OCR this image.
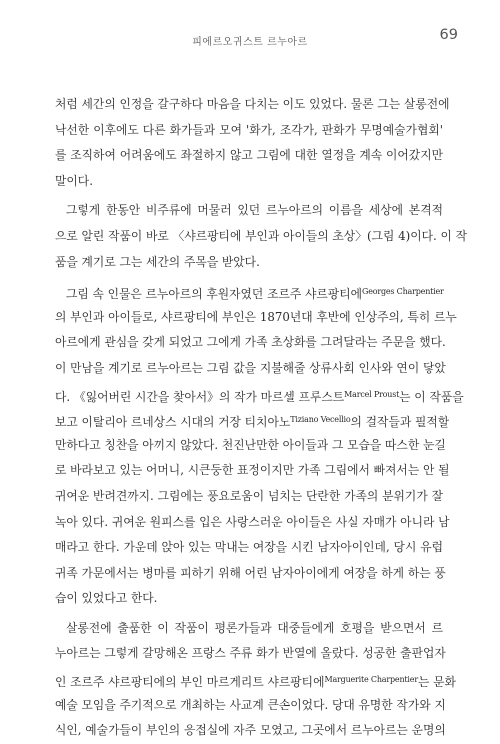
피에르오귀스트 르누아르	69
처럼 세간의 인정을 갈구하다 마음을 다치는 이도 있었다. 물론 그는 살롱전에
낙선한 이후에도 다른 화가들과 모여 '화가, 조각가, 판화가 무명예술가협회'
를 조직하여 어려움에도 좌절하지 않고 그림에 대한 열정을 계속 이어갔지만
말이다.
그렇게 한동안 비주류에 머물러 있던 르누아르의 이름을 세상에 본격적
으로 알린 작품이 바로 〈샤르팡티에 부인과 아이들의 초상〉(그림 4)이다. 이 작
품을 계기로 그는 세간의 주목을 받았다.
그림 속 인물은 르누아르의 후원자였던 조르주 샤르팡티에$^{Georges Charpentier}$
의 부인과 아이들로, 샤르팡티에 부인은 1870년대 후반에 인상주의, 특히 르누
아르에게 관심을 갖게 되었고 그에게 가족 초상화를 그려달라는 주문을 했다.
이 만남을 계기로 르누아르는 그림 값을 지불해줄 상류사회 인사와 연이 닿았
다. 《잃어버린 시간을 찾아서》의 작가 마르셀 프루스트$^{Marcel Proust}$는 이 작품을
보고 이탈리아 르네상스 시대의 거장 티치아노$^{Tiziano Vecellio}$의 걸작들과 필적할
만하다고 칭찬을 아끼지 않았다. 천진난만한 아이들과 그 모습을 따스한 눈길
로 바라보고 있는 어머니, 시큰둥한 표정이지만 가족 그림에서 빠져서는 안 될
귀여운 반려견까지. 그림에는 풍요로움이 넘치는 단란한 가족의 분위기가 잘
녹아 있다. 귀여운 원피스를 입은 사랑스러운 아이들은 사실 자매가 아니라 남
매라고 한다. 가운데 앉아 있는 막내는 여장을 시킨 남자아이인데, 당시 유럽
귀족 가문에서는 병마를 피하기 위해 어린 남자아이에게 여장을 하게 하는 풍
습이 있었다고 한다.
살롱전에 출품한 이 작품이 평론가들과 대중들에게 호평을 받으면서 르
누아르는 그렇게 갈망해온 프랑스 주류 화가 반열에 올랐다. 성공한 출판업자
인 조르주 샤르팡티에의 부인 마르게리트 샤르팡티에$^{Marguerite Charpentier}$는 문화
예술 모임을 주기적으로 개최하는 사교계 큰손이었다. 당대 유명한 작가와 지
식인, 예술가들이 부인의 응접실에 자주 모였고, 그곳에서 르누아르는 운명의
